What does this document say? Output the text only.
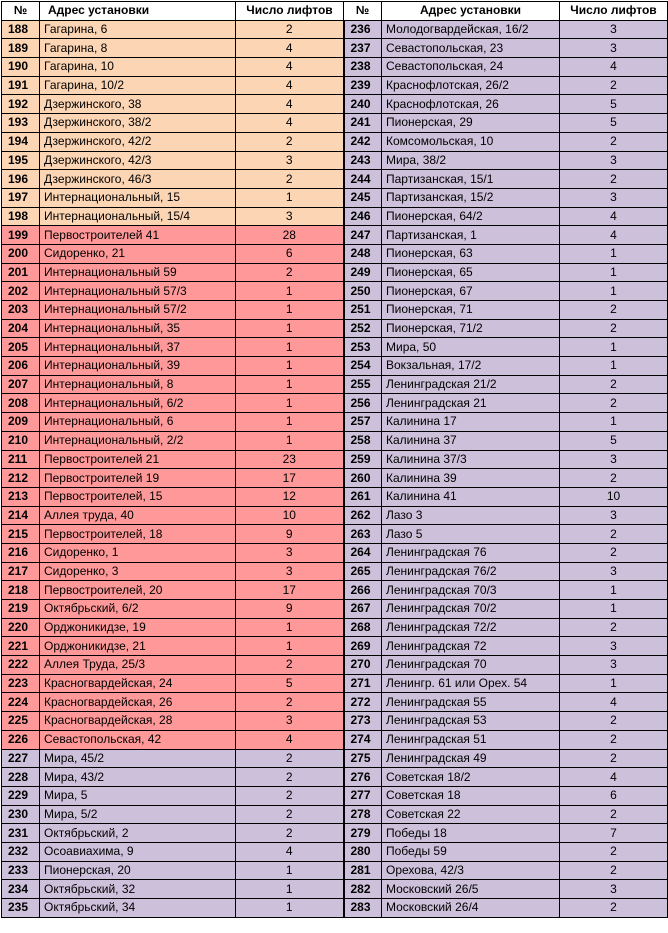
№	Адрес установки	Число лифтов	№	Адрес установки	Число лифтов
188	Гагарина, 6	2	236	Молодогвардейская, 16/2	3
189	Гагарина, 8	4	237	Севастопольская, 23	3
190	Гагарина, 10	4	238	Севастопольская, 24	4
191	Гагарина, 10/2	4	239	Краснофлотская, 26/2	2
192	Дзержинского, 38	4	240	Краснофлотская, 26	5
193	Дзержинского, 38/2	4	241	Пионерская, 29	5
194	Дзержинского, 42/2	2	242	Комсомольская, 10	2
195	Дзержинского, 42/3	3	243	Мира, 38/2	3
196	Дзержинского, 46/3	2	244	Партизанская, 15/1	2
197	Интернациональный, 15	1	245	Партизанская, 15/2	3
198	Интернациональный, 15/4	3	246	Пионерская, 64/2	4
199	Первостроителей 41	28	247	Партизанская, 1	4
200	Сидоренко, 21	6	248	Пионерская, 63	1
201	Интернациональный 59	2	249	Пионерская, 65	1
202	Интернациональный 57/3	1	250	Пионерская, 67	1
203	Интернациональный 57/2	1	251	Пионерская, 71	2
204	Интернациональный, 35	1	252	Пионерская, 71/2	2
205	Интернациональный, 37	1	253	Мира, 50	1
206	Интернациональный, 39	1	254	Вокзальная, 17/2	1
207	Интернациональный, 8	1	255	Ленинградская 21/2	2
208	Интернациональный, 6/2	1	256	Ленинградская 21	2
209	Интернациональный, 6	1	257	Калинина 17	1
210	Интернациональный, 2/2	1	258	Калинина 37	5
211	Первостроителей 21	23	259	Калинина 37/3	3
212	Первостроителей 19	17	260	Калинина 39	2
213	Первостроителей, 15	12	261	Калинина 41	10
214	Аллея труда, 40	10	262	Лазо 3	3
215	Первостроителей, 18	9	263	Лазо 5	2
216	Сидоренко, 1	3	264	Ленинградская 76	2
217	Сидоренко, 3	3	265	Ленинградская 76/2	3
218	Первостроителей, 20	17	266	Ленинградская 70/3	1
219	Октябрьский, 6/2	9	267	Ленинградская 70/2	1
220	Орджоникидзе, 19	1	268	Ленинградская 72/2	2
221	Орджоникидзе, 21	1	269	Ленинградская 72	3
222	Аллея Труда, 25/3	2	270	Ленинградская 70	3
223	Красногвардейская, 24	5	271	Ленингр. 61 или Орех. 54	1
224	Красногвардейская, 26	2	272	Ленинградская 55	4
225	Красногвардейская, 28	3	273	Ленинградская 53	2
226	Севастопольская, 42	4	274	Ленинградская 51	2
227	Мира, 45/2	2	275	Ленинградская 49	2
228	Мира, 43/2	2	276	Советская 18/2	4
229	Мира, 5	2	277	Советская 18	6
230	Мира, 5/2	2	278	Советская 22	2
231	Октябрьский, 2	2	279	Победы 18	7
232	Осоавиахима, 9	4	280	Победы 59	2
233	Пионерская, 20	1	281	Орехова, 42/3	2
234	Октябрьский, 32	1	282	Московский 26/5	3
235	Октябрьский, 34	1	283	Московский 26/4	2
